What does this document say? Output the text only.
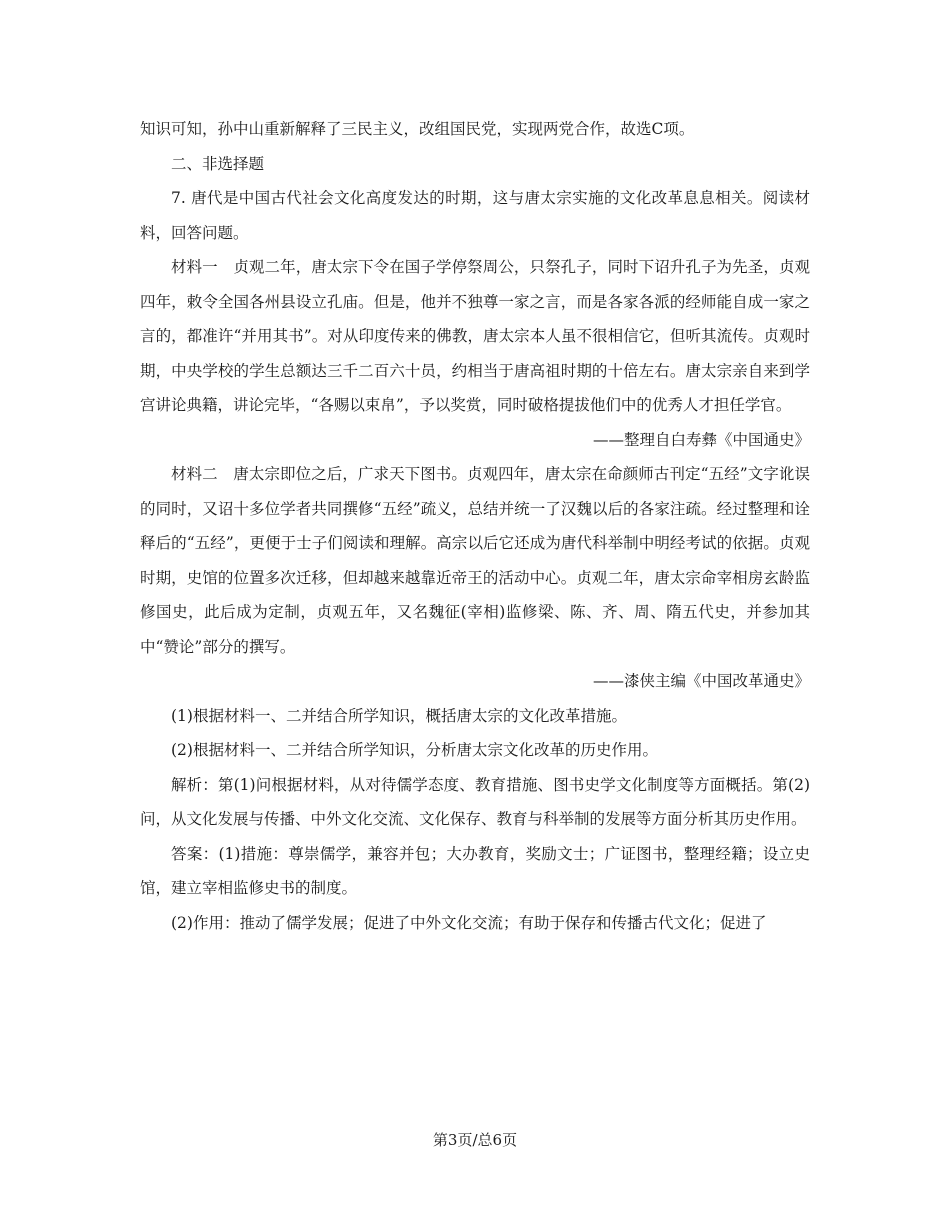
知识可知，孙中山重新解释了三民主义，改组国民党，实现两党合作，故选C项。

二、非选择题

7. 唐代是中国古代社会文化高度发达的时期，这与唐太宗实施的文化改革息息相关。阅读材料，回答问题。

材料一　贞观二年，唐太宗下令在国子学停祭周公，只祭孔子，同时下诏升孔子为先圣，贞观四年，敕令全国各州县设立孔庙。但是，他并不独尊一家之言，而是各家各派的经师能自成一家之言的，都准许“并用其书”。对从印度传来的佛教，唐太宗本人虽不很相信它，但听其流传。贞观时期，中央学校的学生总额达三千二百六十员，约相当于唐高祖时期的十倍左右。唐太宗亲自来到学宫讲论典籍，讲论完毕，“各赐以束帛”，予以奖赏，同时破格提拔他们中的优秀人才担任学官。

——整理自白寿彝《中国通史》

材料二　唐太宗即位之后，广求天下图书。贞观四年，唐太宗在命颜师古刊定“五经”文字讹误的同时，又诏十多位学者共同撰修“五经”疏义，总结并统一了汉魏以后的各家注疏。经过整理和诠释后的“五经”，更便于士子们阅读和理解。高宗以后它还成为唐代科举制中明经考试的依据。贞观时期，史馆的位置多次迁移，但却越来越靠近帝王的活动中心。贞观二年，唐太宗命宰相房玄龄监修国史，此后成为定制，贞观五年，又名魏征(宰相)监修梁、陈、齐、周、隋五代史，并参加其中“赞论”部分的撰写。

——漆侠主编《中国改革通史》

(1)根据材料一、二并结合所学知识，概括唐太宗的文化改革措施。

(2)根据材料一、二并结合所学知识，分析唐太宗文化改革的历史作用。

解析：第(1)问根据材料，从对待儒学态度、教育措施、图书史学文化制度等方面概括。第(2)问，从文化发展与传播、中外文化交流、文化保存、教育与科举制的发展等方面分析其历史作用。

答案：(1)措施：尊崇儒学，兼容并包；大办教育，奖励文士；广证图书，整理经籍；设立史馆，建立宰相监修史书的制度。

(2)作用：推动了儒学发展；促进了中外文化交流；有助于保存和传播古代文化；促进了

第3页/总6页
